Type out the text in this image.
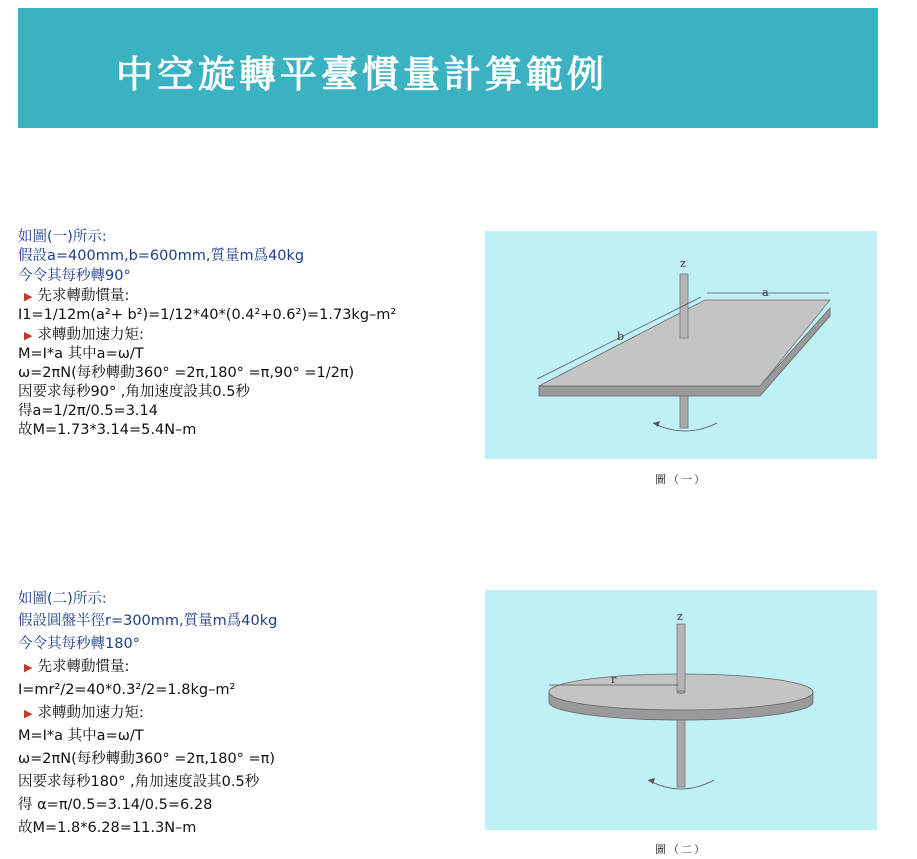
中空旋轉平臺慣量計算範例
如圖(一)所示:
假設a=400mm,b=600mm,質量m爲40kg
今令其每秒轉90°
▶ 先求轉動慣量:
I1=1/12m(a²+ b²)=1/12*40*(0.4²+0.6²)=1.73kg–m²
▶ 求轉動加速力矩:
M=I*a 其中a=ω/T
ω=2πN(每秒轉動360° =2π,180° =π,90° =1/2π)
因要求每秒90° ,角加速度設其0.5秒
得a=1/2π/0.5=3.14
故M=1.73*3.14=5.4N–m
a
b
z
圖（一）
如圖(二)所示:
假設圓盤半徑r=300mm,質量m爲40kg
今令其每秒轉180°
▶ 先求轉動慣量:
I=mr²/2=40*0.3²/2=1.8kg–m²
▶ 求轉動加速力矩:
M=I*a 其中a=ω/T
ω=2πN(每秒轉動360° =2π,180° =π)
因要求每秒180° ,角加速度設其0.5秒
得 α=π/0.5=3.14/0.5=6.28
故M=1.8*6.28=11.3N–m
r
z
圖（二）
